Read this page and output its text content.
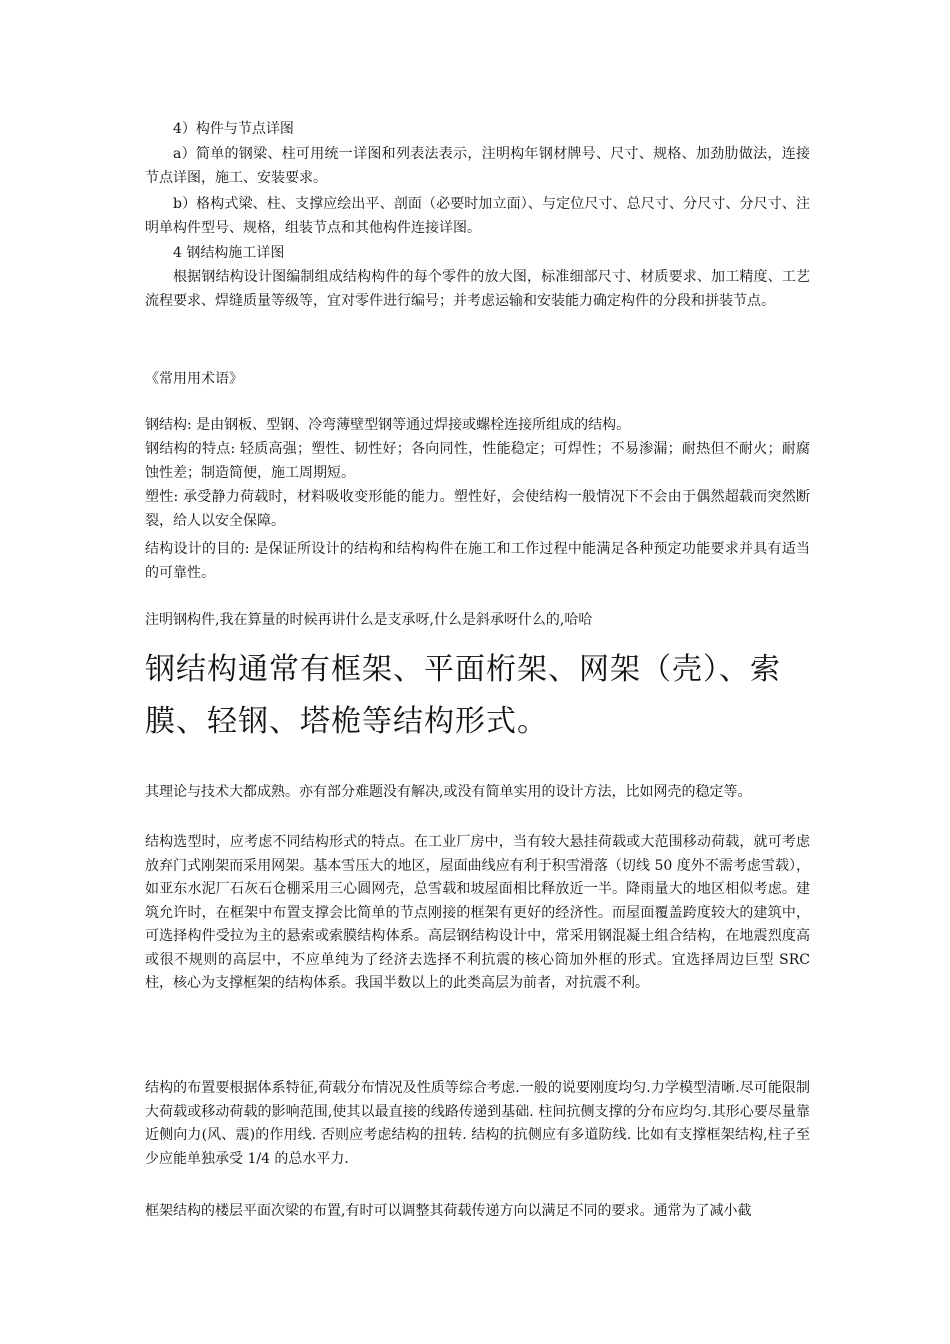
4）构件与节点详图

a）简单的钢梁、柱可用统一详图和列表法表示，注明构年钢材牌号、尺寸、规格、加劲肋做法，连接节点详图，施工、安装要求。

b）格构式梁、柱、支撑应绘出平、剖面（必要时加立面）、与定位尺寸、总尺寸、分尺寸、分尺寸、注明单构件型号、规格，组装节点和其他构件连接详图。

4 钢结构施工详图

根据钢结构设计图编制组成结构构件的每个零件的放大图，标准细部尺寸、材质要求、加工精度、工艺流程要求、焊缝质量等级等，宜对零件进行编号；并考虑运输和安装能力确定构件的分段和拼装节点。

《常用用术语》

钢结构: 是由钢板、型钢、冷弯薄壁型钢等通过焊接或螺栓连接所组成的结构。

钢结构的特点: 轻质高强；塑性、韧性好；各向同性，性能稳定；可焊性；不易渗漏；耐热但不耐火；耐腐蚀性差；制造简便，施工周期短。

塑性: 承受静力荷载时，材料吸收变形能的能力。塑性好，会使结构一般情况下不会由于偶然超载而突然断裂，给人以安全保障。

结构设计的目的: 是保证所设计的结构和结构构件在施工和工作过程中能满足各种预定功能要求并具有适当的可靠性。

注明钢构件,我在算量的时候再讲什么是支承呀,什么是斜承呀什么的,哈哈

钢结构通常有框架、平面桁架、网架（壳）、索膜、轻钢、塔桅等结构形式。

其理论与技术大都成熟。亦有部分难题没有解决,或没有简单实用的设计方法，比如网壳的稳定等。

结构选型时，应考虑不同结构形式的特点。在工业厂房中，当有较大悬挂荷载或大范围移动荷载，就可考虑放弃门式刚架而采用网架。基本雪压大的地区，屋面曲线应有利于积雪滑落（切线 50 度外不需考虑雪载），如亚东水泥厂石灰石仓棚采用三心圆网壳，总雪载和坡屋面相比释放近一半。降雨量大的地区相似考虑。建筑允许时，在框架中布置支撑会比简单的节点刚接的框架有更好的经济性。而屋面覆盖跨度较大的建筑中，可选择构件受拉为主的悬索或索膜结构体系。高层钢结构设计中，常采用钢混凝土组合结构，在地震烈度高或很不规则的高层中，不应单纯为了经济去选择不利抗震的核心筒加外框的形式。宜选择周边巨型 SRC 柱，核心为支撑框架的结构体系。我国半数以上的此类高层为前者，对抗震不利。

结构的布置要根据体系特征,荷载分布情况及性质等综合考虑.一般的说要刚度均匀.力学模型清晰.尽可能限制大荷载或移动荷载的影响范围,使其以最直接的线路传递到基础. 柱间抗侧支撑的分布应均匀.其形心要尽量靠近侧向力(风、震)的作用线. 否则应考虑结构的扭转. 结构的抗侧应有多道防线. 比如有支撑框架结构,柱子至少应能单独承受 1/4 的总水平力.

框架结构的楼层平面次梁的布置,有时可以调整其荷载传递方向以满足不同的要求。通常为了减小截
